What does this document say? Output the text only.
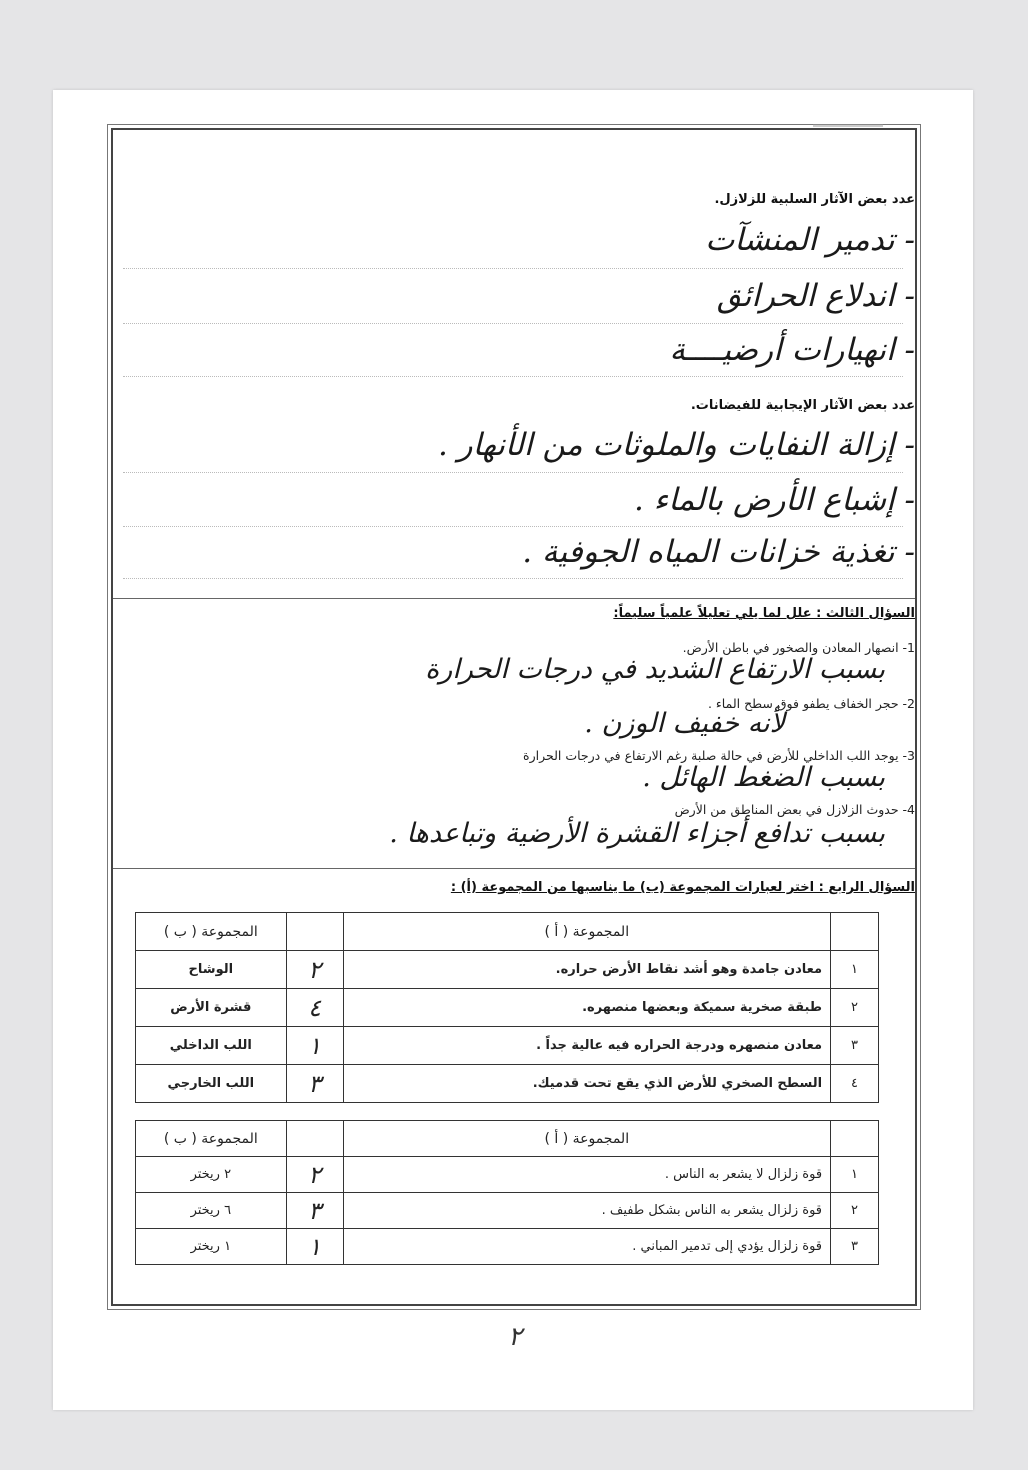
عدد بعض الآثار السلبية للزلازل.
- تدمير المنشآت
- اندلاع الحرائق
- انهيارات أرضيــــة
عدد بعض الآثار الإيجابية للفيضانات.
- إزالة النفايات والملوثات من الأنهار .
- إشباع الأرض بالماء .
- تغذية خزانات المياه الجوفية .
السؤال الثالث : علل لما يلي تعليلاً علمياً سليماً:
1- انصهار المعادن والصخور في باطن الأرض.
بسبب الارتفاع الشديد في درجات الحرارة
2- حجر الخفاف يطفو فوق سطح الماء .
لأنه خفيف الوزن .
3- يوجد اللب الداخلي للأرض في حالة صلبة رغم الارتفاع في درجات الحرارة
بسبب الضغط الهائل .
4- حدوث الزلازل في بعض المناطق من الأرض
بسبب تدافع أجزاء القشرة الأرضية وتباعدها .
السؤال الرابع : اختر لعبارات المجموعة (ب) ما يناسبها من المجموعة (أ) :
	المجموعة ( أ )		المجموعة ( ب )
١	معادن جامدة وهو أشد نقاط الأرض حراره.	٢	الوشاح
٢	طبقة صخرية سميكة وبعضها منصهره.	٤	قشرة الأرض
٣	معادن منصهره ودرجة الحراره فيه عالية جداً .	١	اللب الداخلي
٤	السطح الصخري للأرض الذي يقع تحت قدميك.	٣	اللب الخارجي
	المجموعة ( أ )		المجموعة ( ب )
١	قوة زلزال لا يشعر به الناس .	٢	٢ ريختر
٢	قوة زلزال يشعر به الناس بشكل طفيف .	٣	٦ ريختر
٣	قوة زلزال يؤدي إلى تدمير المباني .	١	١ ريختر
٢
